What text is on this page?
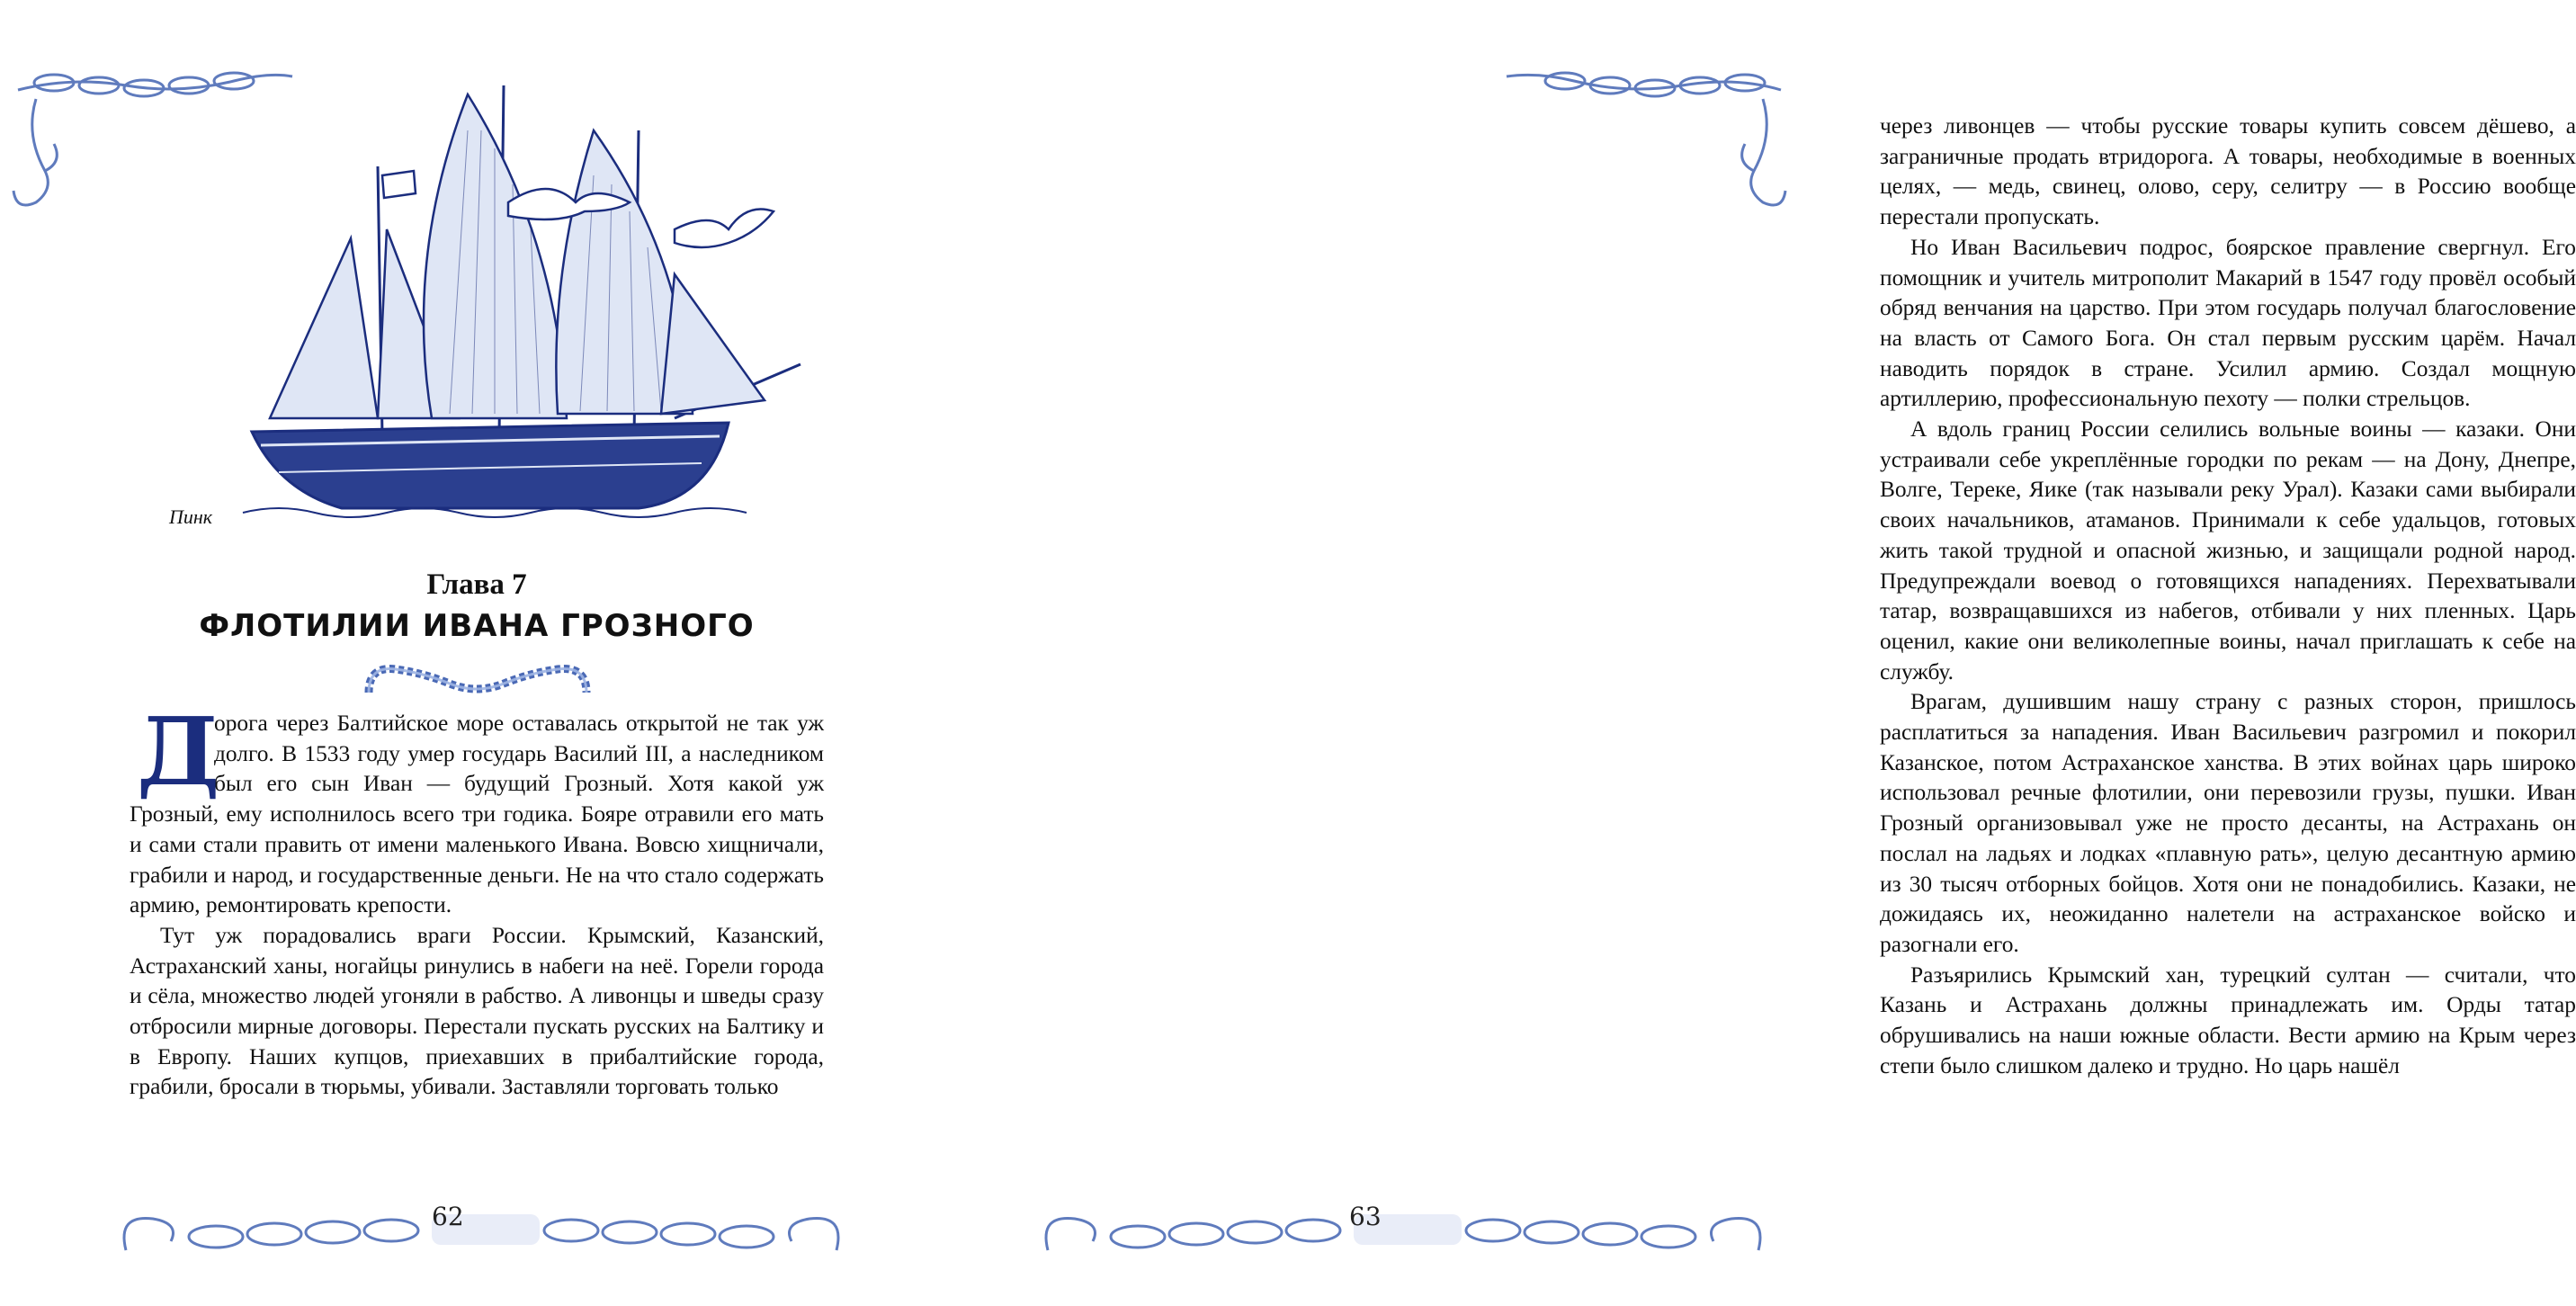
Пинк
Глава 7
ФЛОТИЛИИ ИВАНА ГРОЗНОГО

Д
орога через Балтийское море оставалась открытой не так уж долго. В 1533 году умер государь Василий III, а наследником был его сын Иван — будущий Грозный. Хотя какой уж Грозный, ему исполнилось всего три годика. Бояре отравили его мать и сами стали править от имени маленького Ивана. Вовсю хищничали, грабили и народ, и государственные деньги. Не на что стало содержать армию, ремонтировать крепости.

Тут уж порадовались враги России. Крымский, Казанский, Астраханский ханы, ногайцы ринулись в набеги на неё. Горели города и сёла, множество людей угоняли в рабство. А ливонцы и шведы сразу отбросили мирные договоры. Перестали пускать русских на Балтику и в Европу. Наших купцов, приехавших в прибалтийские города, грабили, бросали в тюрьмы, убивали. Заставляли торговать только

62

через ливонцев — чтобы русские товары купить совсем дёшево, а заграничные продать втридорога. А товары, необходимые в военных целях, — медь, свинец, олово, серу, селитру — в Россию вообще перестали пропускать.

Но Иван Васильевич подрос, боярское правление свергнул. Его помощник и учитель митрополит Макарий в 1547 году провёл особый обряд венчания на царство. При этом государь получал благословение на власть от Самого Бога. Он стал первым русским царём. Начал наводить порядок в стране. Усилил армию. Создал мощную артиллерию, профессиональную пехоту — полки стрельцов.

А вдоль границ России селились вольные воины — казаки. Они устраивали себе укреплённые городки по рекам — на Дону, Днепре, Волге, Тереке, Яике (так называли реку Урал). Казаки сами выбирали своих начальников, атаманов. Принимали к себе удальцов, готовых жить такой трудной и опасной жизнью, и защищали родной народ. Предупреждали воевод о готовящихся нападениях. Перехватывали татар, возвращавшихся из набегов, отбивали у них пленных. Царь оценил, какие они великолепные воины, начал приглашать к себе на службу.

Врагам, душившим нашу страну с разных сторон, пришлось расплатиться за нападения. Иван Васильевич разгромил и покорил Казанское, потом Астраханское ханства. В этих войнах царь широко использовал речные флотилии, они перевозили грузы, пушки. Иван Грозный организовывал уже не просто десанты, на Астрахань он послал на ладьях и лодках «плавную рать», целую десантную армию из 30 тысяч отборных бойцов. Хотя они не понадобились. Казаки, не дожидаясь их, неожиданно налетели на астраханское войско и разогнали его.

Разъярились Крымский хан, турецкий султан — считали, что Казань и Астрахань должны принадлежать им. Орды татар обрушивались на наши южные области. Вести армию на Крым через степи было слишком далеко и трудно. Но царь нашёл

63
